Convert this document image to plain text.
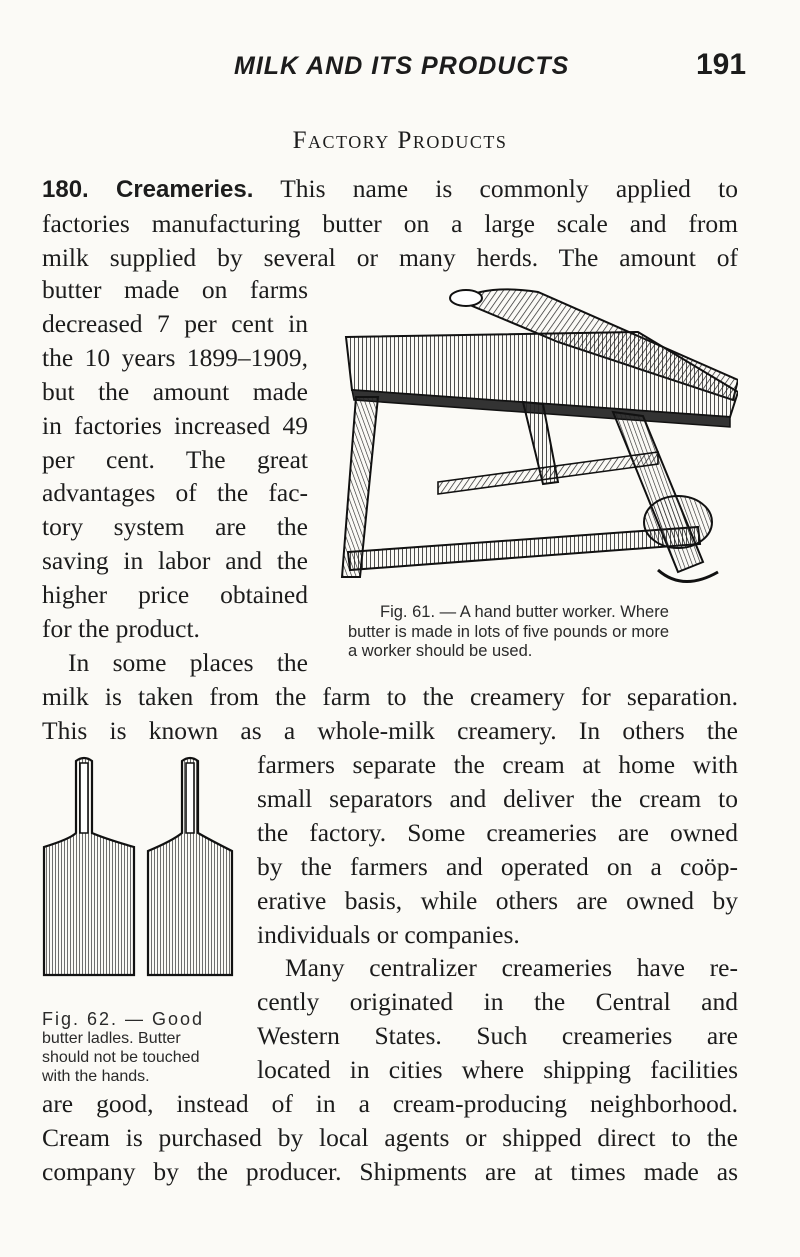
MILK AND ITS PRODUCTS	191
Factory Products
180. Creameries. This name is commonly applied to
factories manufacturing butter on a large scale and from
milk supplied by several or many herds. The amount of
butter made on farms
decreased 7 per cent in
the 10 years 1899–1909,
but the amount made
in factories increased 49
per cent. The great
advantages of the fac-
tory system are the
saving in labor and the
higher price obtained
for the product.
In some places the
Fig. 61. — A hand butter worker. Where
butter is made in lots of five pounds or more
a worker should be used.
milk is taken from the farm to the creamery for separation.
This is known as a whole-milk creamery. In others the
Fig. 62. — Good
butter ladles. Butter
should not be touched
with the hands.
farmers separate the cream at home with
small separators and deliver the cream to
the factory. Some creameries are owned
by the farmers and operated on a coöp-
erative basis, while others are owned by
individuals or companies.
Many centralizer creameries have re-
cently originated in the Central and
Western States. Such creameries are
located in cities where shipping facilities
are good, instead of in a cream-producing neighborhood.
Cream is purchased by local agents or shipped direct to the
company by the producer. Shipments are at times made as
